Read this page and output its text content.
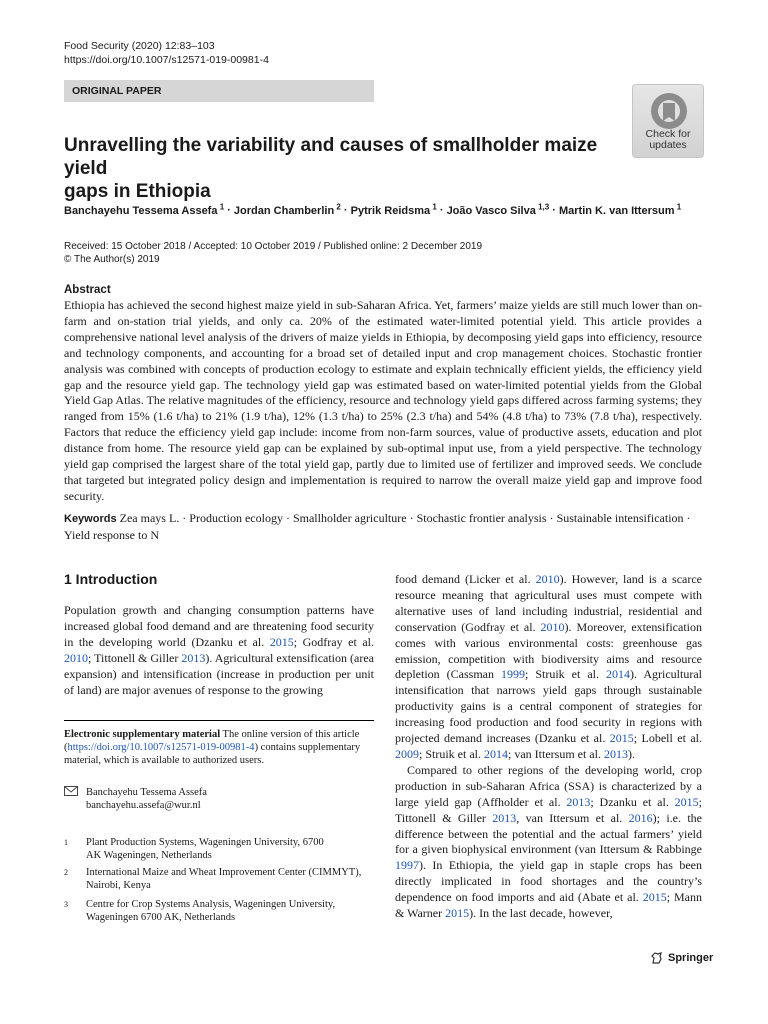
Food Security (2020) 12:83–103
https://doi.org/10.1007/s12571-019-00981-4
ORIGINAL PAPER
Check for
updates
Unravelling the variability and causes of smallholder maize yield
gaps in Ethiopia
Banchayehu Tessema Assefa $^1$ · Jordan Chamberlin $^2$ · Pytrik Reidsma $^1$ · João Vasco Silva $^{1,3}$ · Martin K. van Ittersum $^1$
Received: 15 October 2018 / Accepted: 10 October 2019 / Published online: 2 December 2019
© The Author(s) 2019
Abstract
Ethiopia has achieved the second highest maize yield in sub-Saharan Africa. Yet, farmers’ maize yields are still much lower than on-farm and on-station trial yields, and only ca. 20% of the estimated water-limited potential yield. This article provides a comprehensive national level analysis of the drivers of maize yields in Ethiopia, by decomposing yield gaps into efficiency, resource and technology components, and accounting for a broad set of detailed input and crop management choices. Stochastic frontier analysis was combined with concepts of production ecology to estimate and explain technically efficient yields, the efficiency yield gap and the resource yield gap. The technology yield gap was estimated based on water-limited potential yields from the Global Yield Gap Atlas. The relative magnitudes of the efficiency, resource and technology yield gaps differed across farming systems; they ranged from 15% (1.6 t/ha) to 21% (1.9 t/ha), 12% (1.3 t/ha) to 25% (2.3 t/ha) and 54% (4.8 t/ha) to 73% (7.8 t/ha), respectively. Factors that reduce the efficiency yield gap include: income from non-farm sources, value of productive assets, education and plot distance from home. The resource yield gap can be explained by sub-optimal input use, from a yield perspective. The technology yield gap comprised the largest share of the total yield gap, partly due to limited use of fertilizer and improved seeds. We conclude that targeted but integrated policy design and implementation is required to narrow the overall maize yield gap and improve food security.
Keywords Zea mays L. · Production ecology · Smallholder agriculture · Stochastic frontier analysis · Sustainable intensification · Yield response to N
1 Introduction

Population growth and changing consumption patterns have increased global food demand and are threatening food security in the developing world (Dzanku et al. 2015; Godfray et al. 2010; Tittonell & Giller 2013). Agricultural extensification (area expansion) and intensification (increase in production per unit of land) are major avenues of response to the growing

food demand (Licker et al. 2010). However, land is a scarce resource meaning that agricultural uses must compete with alternative uses of land including industrial, residential and conservation (Godfray et al. 2010). Moreover, extensification comes with various environmental costs: greenhouse gas emission, competition with biodiversity aims and resource depletion (Cassman 1999; Struik et al. 2014). Agricultural intensification that narrows yield gaps through sustainable productivity gains is a central component of strategies for increasing food production and food security in regions with projected demand increases (Dzanku et al. 2015; Lobell et al. 2009; Struik et al. 2014; van Ittersum et al. 2013).

Compared to other regions of the developing world, crop production in sub-Saharan Africa (SSA) is characterized by a large yield gap (Affholder et al. 2013; Dzanku et al. 2015; Tittonell & Giller 2013, van Ittersum et al. 2016); i.e. the difference between the potential and the actual farmers’ yield for a given biophysical environment (van Ittersum & Rabbinge 1997). In Ethiopia, the yield gap in staple crops has been directly implicated in food shortages and the country’s dependence on food imports and aid (Abate et al. 2015; Mann & Warner 2015). In the last decade, however,

Electronic supplementary material The online version of this article (https://doi.org/10.1007/s12571-019-00981-4) contains supplementary material, which is available to authorized users.
Banchayehu Tessema Assefa
banchayehu.assefa@wur.nl
1 Plant Production Systems, Wageningen University, 6700
AK Wageningen, Netherlands
2 International Maize and Wheat Improvement Center (CIMMYT),
Nairobi, Kenya
3 Centre for Crop Systems Analysis, Wageningen University,
Wageningen 6700 AK, Netherlands
Springer
